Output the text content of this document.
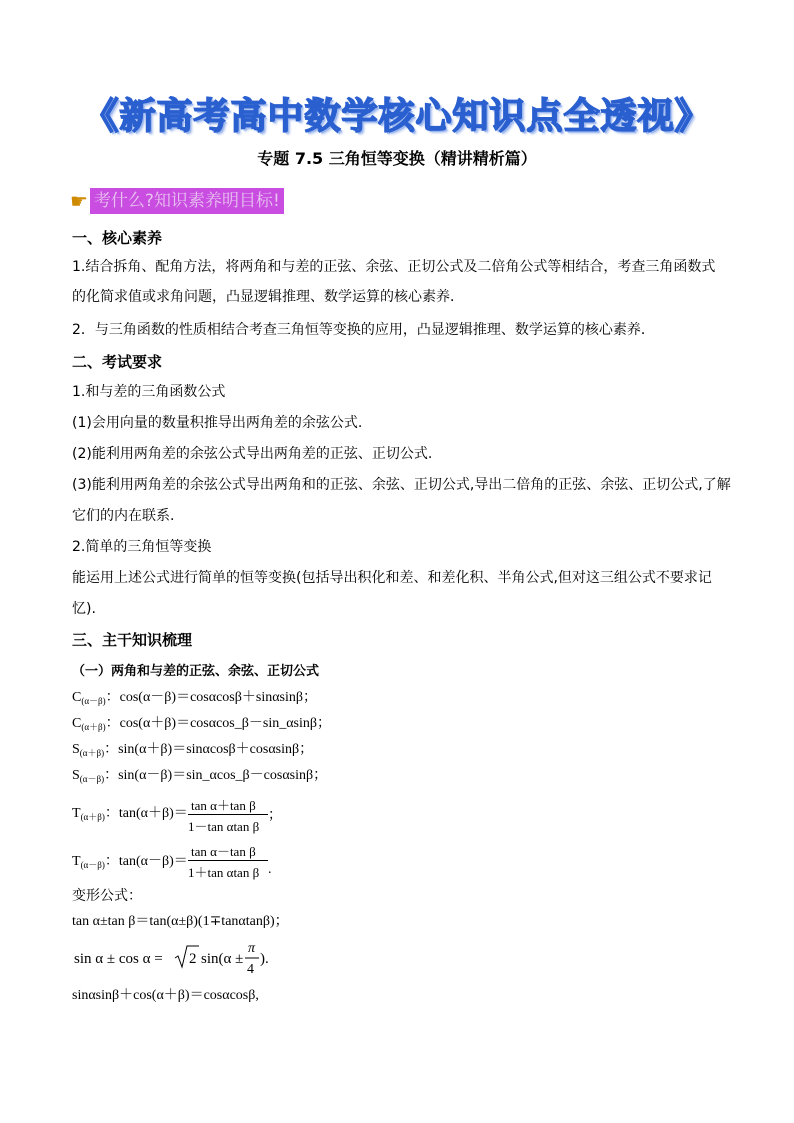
《新高考高中数学核心知识点全透视》
专题 7.5 三角恒等变换（精讲精析篇）
☛ 考什么?知识素养明目标!
一、核心素养
1.结合拆角、配角方法，将两角和与差的正弦、余弦、正切公式及二倍角公式等相结合，考查三角函数式
的化简求值或求角问题，凸显逻辑推理、数学运算的核心素养．
2．与三角函数的性质相结合考查三角恒等变换的应用，凸显逻辑推理、数学运算的核心素养．
二、考试要求
1.和与差的三角函数公式
(1)会用向量的数量积推导出两角差的余弦公式.
(2)能利用两角差的余弦公式导出两角差的正弦、正切公式.
(3)能利用两角差的余弦公式导出两角和的正弦、余弦、正切公式,导出二倍角的正弦、余弦、正切公式,了解
它们的内在联系.
2.简单的三角恒等变换
能运用上述公式进行简单的恒等变换(包括导出积化和差、和差化积、半角公式,但对这三组公式不要求记
忆).
三、主干知识梳理
（一）两角和与差的正弦、余弦、正切公式
$C_{(\alpha-\beta)}$：cos(α－β)＝cosαcosβ＋sinαsinβ；
$C_{(\alpha+\beta)}$：cos(α＋β)＝cosαcos_β－sin_αsinβ；
$S_{(\alpha+\beta)}$：sin(α＋β)＝sinαcosβ＋cosαsinβ；
$S_{(\alpha-\beta)}$：sin(α－β)＝sin_αcos_β－cosαsinβ；
$T_{(\alpha+\beta)}$：tan(α＋β)＝
tan α＋tan β
1－tan αtan β
；
$T_{(\alpha-\beta)}$：tan(α－β)＝
tan α－tan β
1＋tan αtan β .
变形公式：
tan α±tan β＝tan(α±β)(1∓tanαtanβ)；
sin α ± cos α = 2 sin(α ±
π
4
).
sinαsinβ＋cos(α＋β)＝cosαcosβ,
